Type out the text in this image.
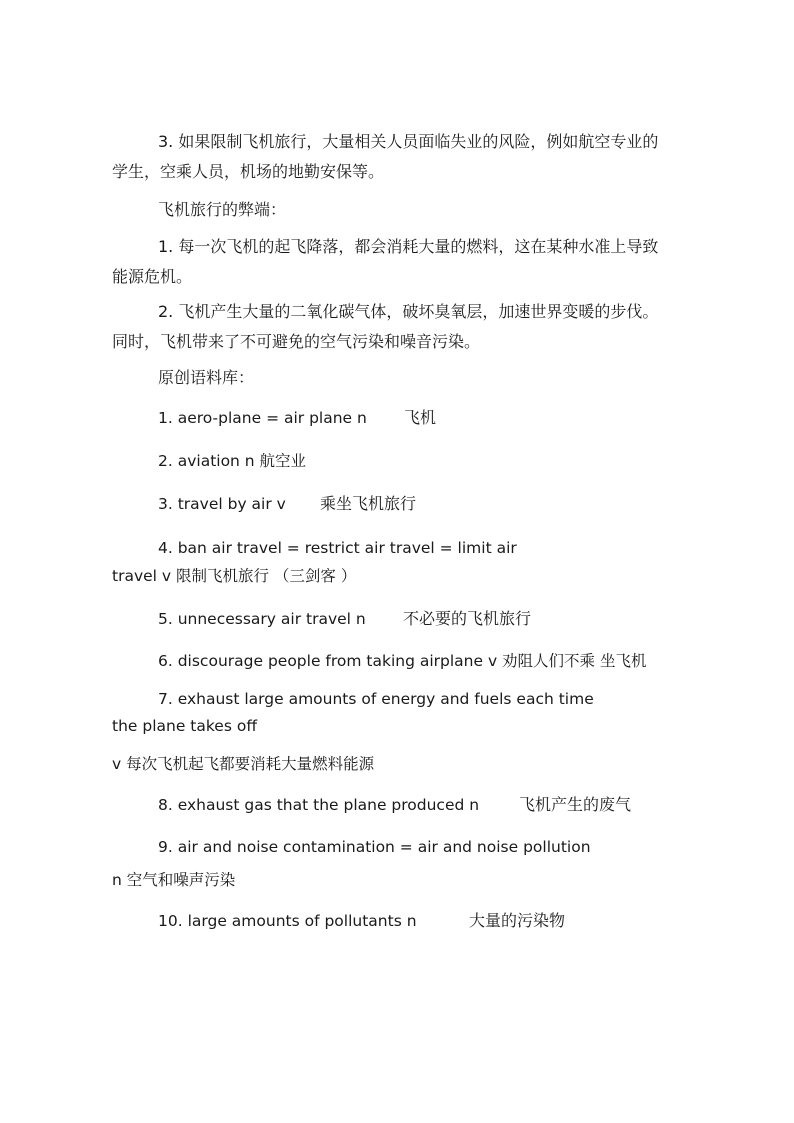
3. 如果限制飞机旅行，大量相关人员面临失业的风险，例如航空专业的学生，空乘人员，机场的地勤安保等。

飞机旅行的弊端：

1. 每一次飞机的起飞降落，都会消耗大量的燃料，这在某种水准上导致能源危机。

2. 飞机产生大量的二氧化碳气体，破坏臭氧层，加速世界变暖的步伐。同时，飞机带来了不可避免的空气污染和噪音污染。

原创语料库：

1. aero-plane = air plane n 飞机

2. aviation n 航空业

3. travel by air v 乘坐飞机旅行

4. ban air travel = restrict air travel = limit air

travel v 限制飞机旅行 （三剑客 ）

5. unnecessary air travel n 不必要的飞机旅行

6. discourage people from taking airplane v 劝阻人们不乘 坐飞机

7. exhaust large amounts of energy and fuels each time

the plane takes off

v 每次飞机起飞都要消耗大量燃料能源

8. exhaust gas that the plane produced n 飞机产生的废气

9. air and noise contamination = air and noise pollution

n 空气和噪声污染

10. large amounts of pollutants n	大量的污染物
